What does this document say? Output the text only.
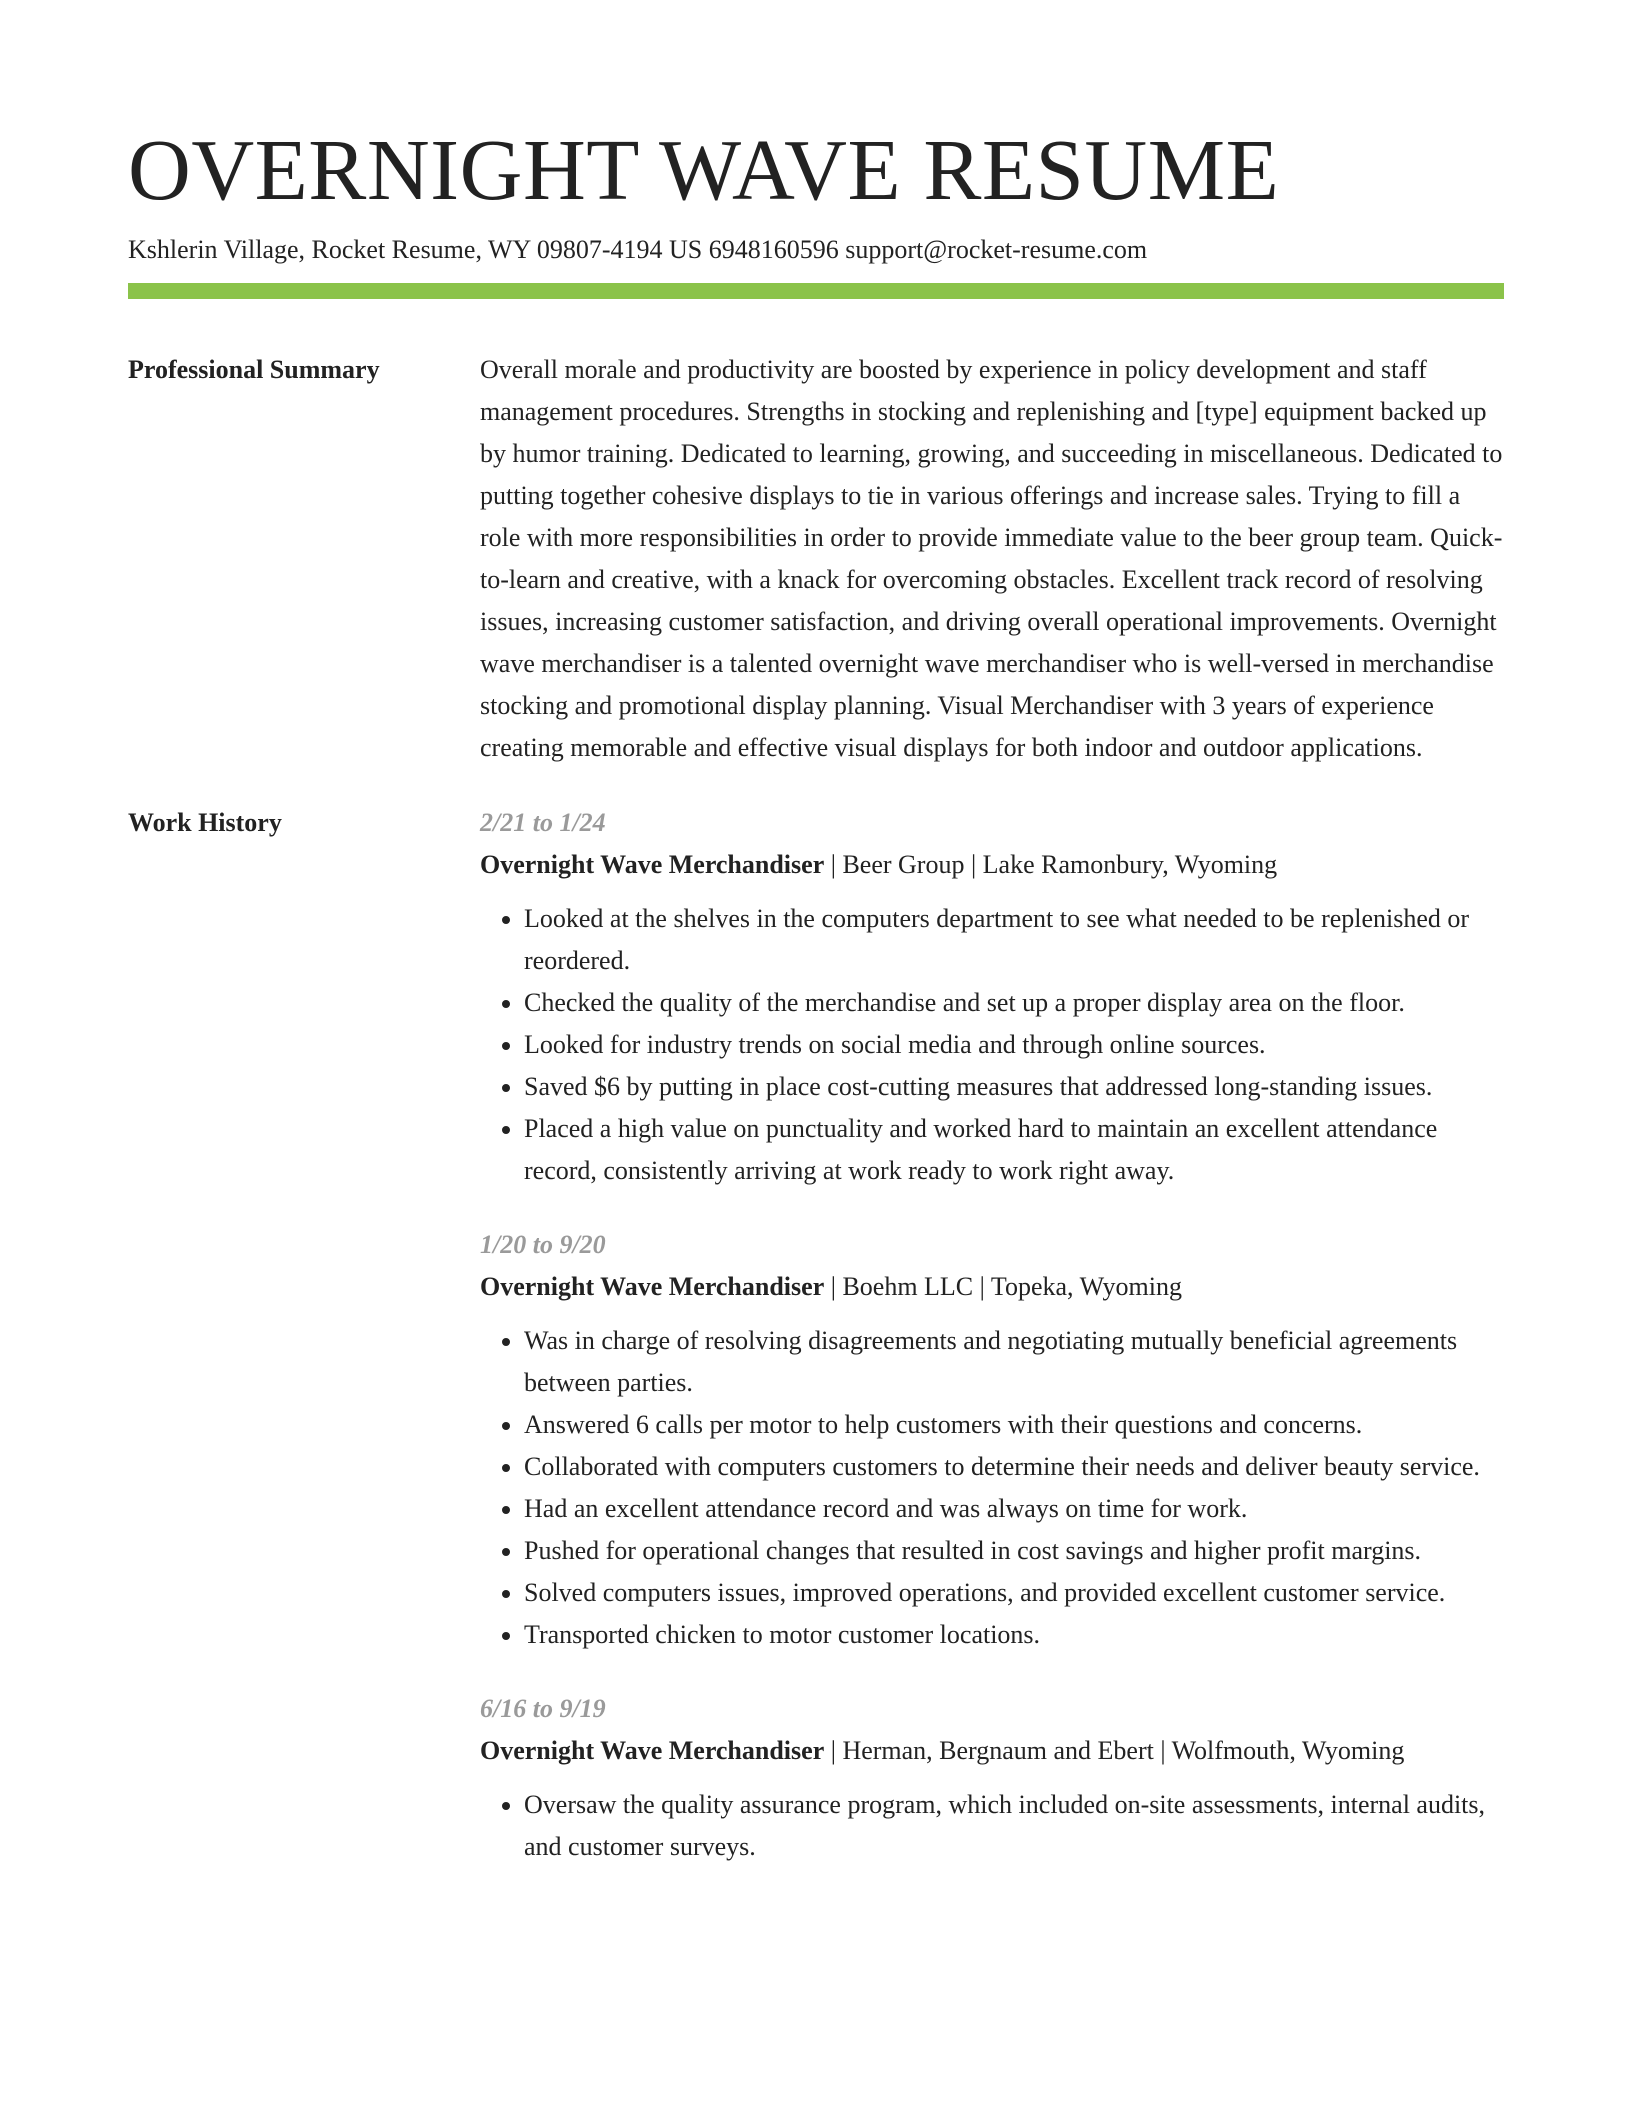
OVERNIGHT WAVE RESUME
Kshlerin Village, Rocket Resume, WY 09807-4194 US 6948160596 support@rocket-resume.com
Professional Summary	Overall morale and productivity are boosted by experience in policy development and staff management procedures. Strengths in stocking and replenishing and [type] equipment backed up by humor training. Dedicated to learning, growing, and succeeding in miscellaneous. Dedicated to putting together cohesive displays to tie in various offerings and increase sales. Trying to fill a role with more responsibilities in order to provide immediate value to the beer group team. Quick-to-learn and creative, with a knack for overcoming obstacles. Excellent track record of resolving issues, increasing customer satisfaction, and driving overall operational improvements. Overnight wave merchandiser is a talented overnight wave merchandiser who is well-versed in merchandise stocking and promotional display planning. Visual Merchandiser with 3 years of experience creating memorable and effective visual displays for both indoor and outdoor applications.

Work History	2/21 to 1/24
Overnight Wave Merchandiser | Beer Group | Lake Ramonbury, Wyoming
• Looked at the shelves in the computers department to see what needed to be replenished or reordered.
• Checked the quality of the merchandise and set up a proper display area on the floor.
• Looked for industry trends on social media and through online sources.
• Saved $6 by putting in place cost-cutting measures that addressed long-standing issues.
• Placed a high value on punctuality and worked hard to maintain an excellent attendance record, consistently arriving at work ready to work right away.
1/20 to 9/20
Overnight Wave Merchandiser | Boehm LLC | Topeka, Wyoming
• Was in charge of resolving disagreements and negotiating mutually beneficial agreements between parties.
• Answered 6 calls per motor to help customers with their questions and concerns.
• Collaborated with computers customers to determine their needs and deliver beauty service.
• Had an excellent attendance record and was always on time for work.
• Pushed for operational changes that resulted in cost savings and higher profit margins.
• Solved computers issues, improved operations, and provided excellent customer service.
• Transported chicken to motor customer locations.
6/16 to 9/19
Overnight Wave Merchandiser | Herman, Bergnaum and Ebert | Wolfmouth, Wyoming
• Oversaw the quality assurance program, which included on-site assessments, internal audits, and customer surveys.
